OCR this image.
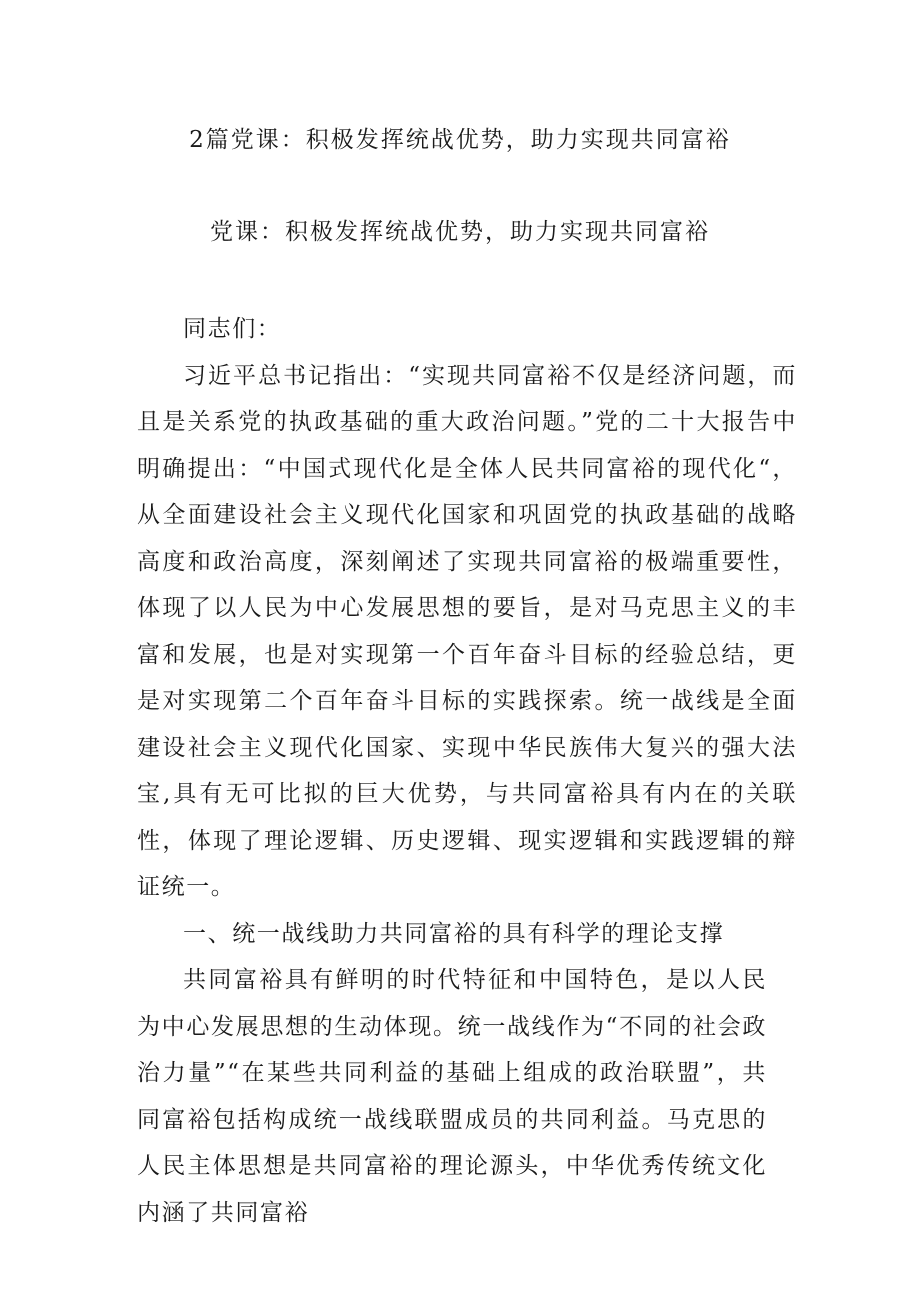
2篇党课：积极发挥统战优势，助力实现共同富裕
党课：积极发挥统战优势，助力实现共同富裕

同志们：

习近平总书记指出：“实现共同富裕不仅是经济问题，而且是关系党的执政基础的重大政治问题。”党的二十大报告中明确提出：“中国式现代化是全体人民共同富裕的现代化“，从全面建设社会主义现代化国家和巩固党的执政基础的战略高度和政治高度，深刻阐述了实现共同富裕的极端重要性，体现了以人民为中心发展思想的要旨，是对马克思主义的丰富和发展，也是对实现第一个百年奋斗目标的经验总结，更是对实现第二个百年奋斗目标的实践探索。统一战线是全面建设社会主义现代化国家、实现中华民族伟大复兴的强大法宝,具有无可比拟的巨大优势，与共同富裕具有内在的关联性，体现了理论逻辑、历史逻辑、现实逻辑和实践逻辑的辩证统一。

一、统一战线助力共同富裕的具有科学的理论支撑

共同富裕具有鲜明的时代特征和中国特色，是以人民为中心发展思想的生动体现。统一战线作为“不同的社会政治力量”“在某些共同利益的基础上组成的政治联盟”，共同富裕包括构成统一战线联盟成员的共同利益。马克思的人民主体思想是共同富裕的理论源头，中华优秀传统文化内涵了共同富裕
